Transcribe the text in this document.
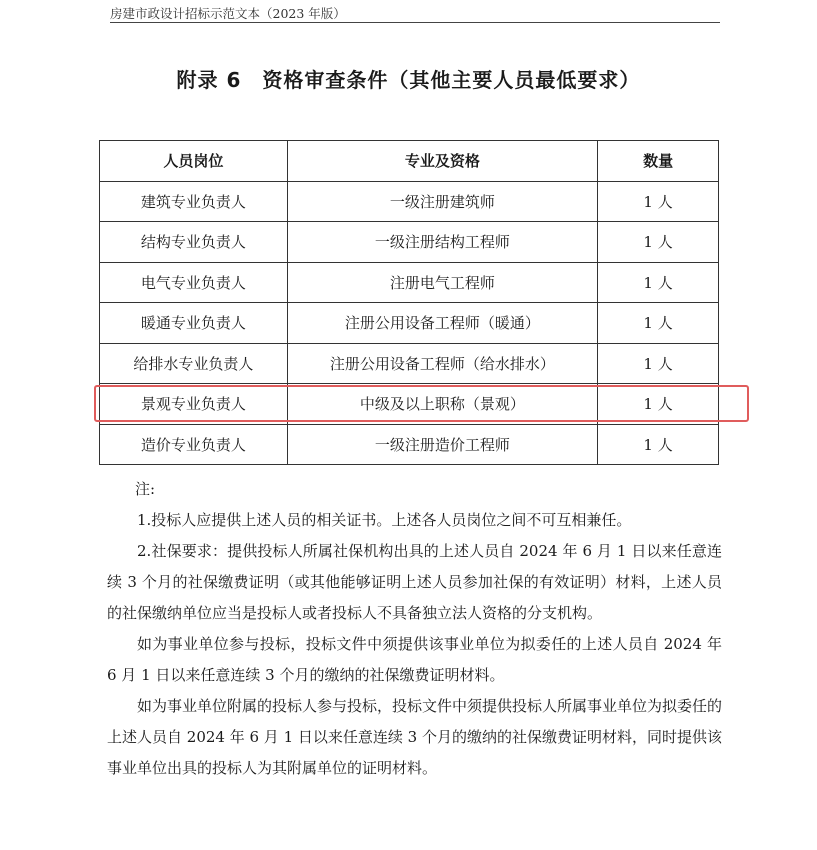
房建市政设计招标示范文本（2023 年版）
附录 6　资格审查条件（其他主要人员最低要求）
人员岗位	专业及资格	数量
建筑专业负责人	一级注册建筑师	1 人
结构专业负责人	一级注册结构工程师	1 人
电气专业负责人	注册电气工程师	1 人
暖通专业负责人	注册公用设备工程师（暖通）	1 人
给排水专业负责人	注册公用设备工程师（给水排水）	1 人
景观专业负责人	中级及以上职称（景观）	1 人
造价专业负责人	一级注册造价工程师	1 人

注:

1.投标人应提供上述人员的相关证书。上述各人员岗位之间不可互相兼任。

2.社保要求：提供投标人所属社保机构出具的上述人员自 2024 年 6 月 1 日以来任意连续 3 个月的社保缴费证明（或其他能够证明上述人员参加社保的有效证明）材料，上述人员的社保缴纳单位应当是投标人或者投标人不具备独立法人资格的分支机构。

如为事业单位参与投标，投标文件中须提供该事业单位为拟委任的上述人员自 2024 年 6 月 1 日以来任意连续 3 个月的缴纳的社保缴费证明材料。

如为事业单位附属的投标人参与投标，投标文件中须提供投标人所属事业单位为拟委任的上述人员自 2024 年 6 月 1 日以来任意连续 3 个月的缴纳的社保缴费证明材料，同时提供该事业单位出具的投标人为其附属单位的证明材料。
